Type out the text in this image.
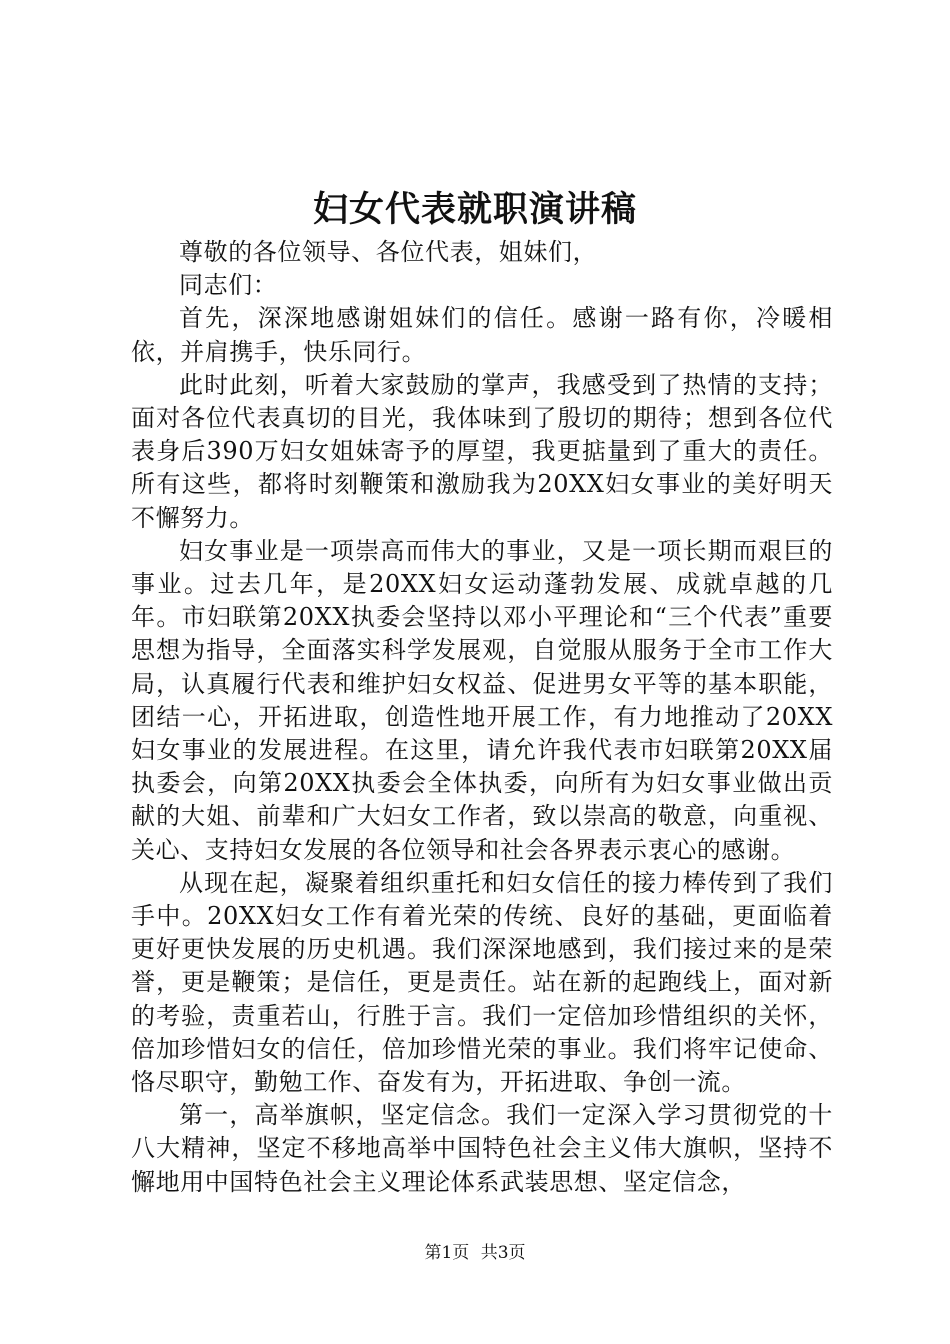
妇女代表就职演讲稿

尊敬的各位领导、各位代表，姐妹们，

同志们：

首先，深深地感谢姐妹们的信任。感谢一路有你，冷暖相依，并肩携手，快乐同行。

此时此刻，听着大家鼓励的掌声，我感受到了热情的支持；面对各位代表真切的目光，我体味到了殷切的期待；想到各位代表身后390万妇女姐妹寄予的厚望，我更掂量到了重大的责任。所有这些，都将时刻鞭策和激励我为20XX妇女事业的美好明天不懈努力。

妇女事业是一项崇高而伟大的事业，又是一项长期而艰巨的事业。过去几年，是20XX妇女运动蓬勃发展、成就卓越的几年。市妇联第20XX执委会坚持以邓小平理论和“三个代表”重要思想为指导，全面落实科学发展观，自觉服从服务于全市工作大局，认真履行代表和维护妇女权益、促进男女平等的基本职能，团结一心，开拓进取，创造性地开展工作，有力地推动了20XX妇女事业的发展进程。在这里，请允许我代表市妇联第20XX届执委会，向第20XX执委会全体执委，向所有为妇女事业做出贡献的大姐、前辈和广大妇女工作者，致以崇高的敬意，向重视、关心、支持妇女发展的各位领导和社会各界表示衷心的感谢。

从现在起，凝聚着组织重托和妇女信任的接力棒传到了我们手中。20XX妇女工作有着光荣的传统、良好的基础，更面临着更好更快发展的历史机遇。我们深深地感到，我们接过来的是荣誉，更是鞭策；是信任，更是责任。站在新的起跑线上，面对新的考验，责重若山，行胜于言。我们一定倍加珍惜组织的关怀，倍加珍惜妇女的信任，倍加珍惜光荣的事业。我们将牢记使命、恪尽职守，勤勉工作、奋发有为，开拓进取、争创一流。

第一，高举旗帜，坚定信念。我们一定深入学习贯彻党的十八大精神，坚定不移地高举中国特色社会主义伟大旗帜，坚持不懈地用中国特色社会主义理论体系武装思想、坚定信念，

第1页 共3页
